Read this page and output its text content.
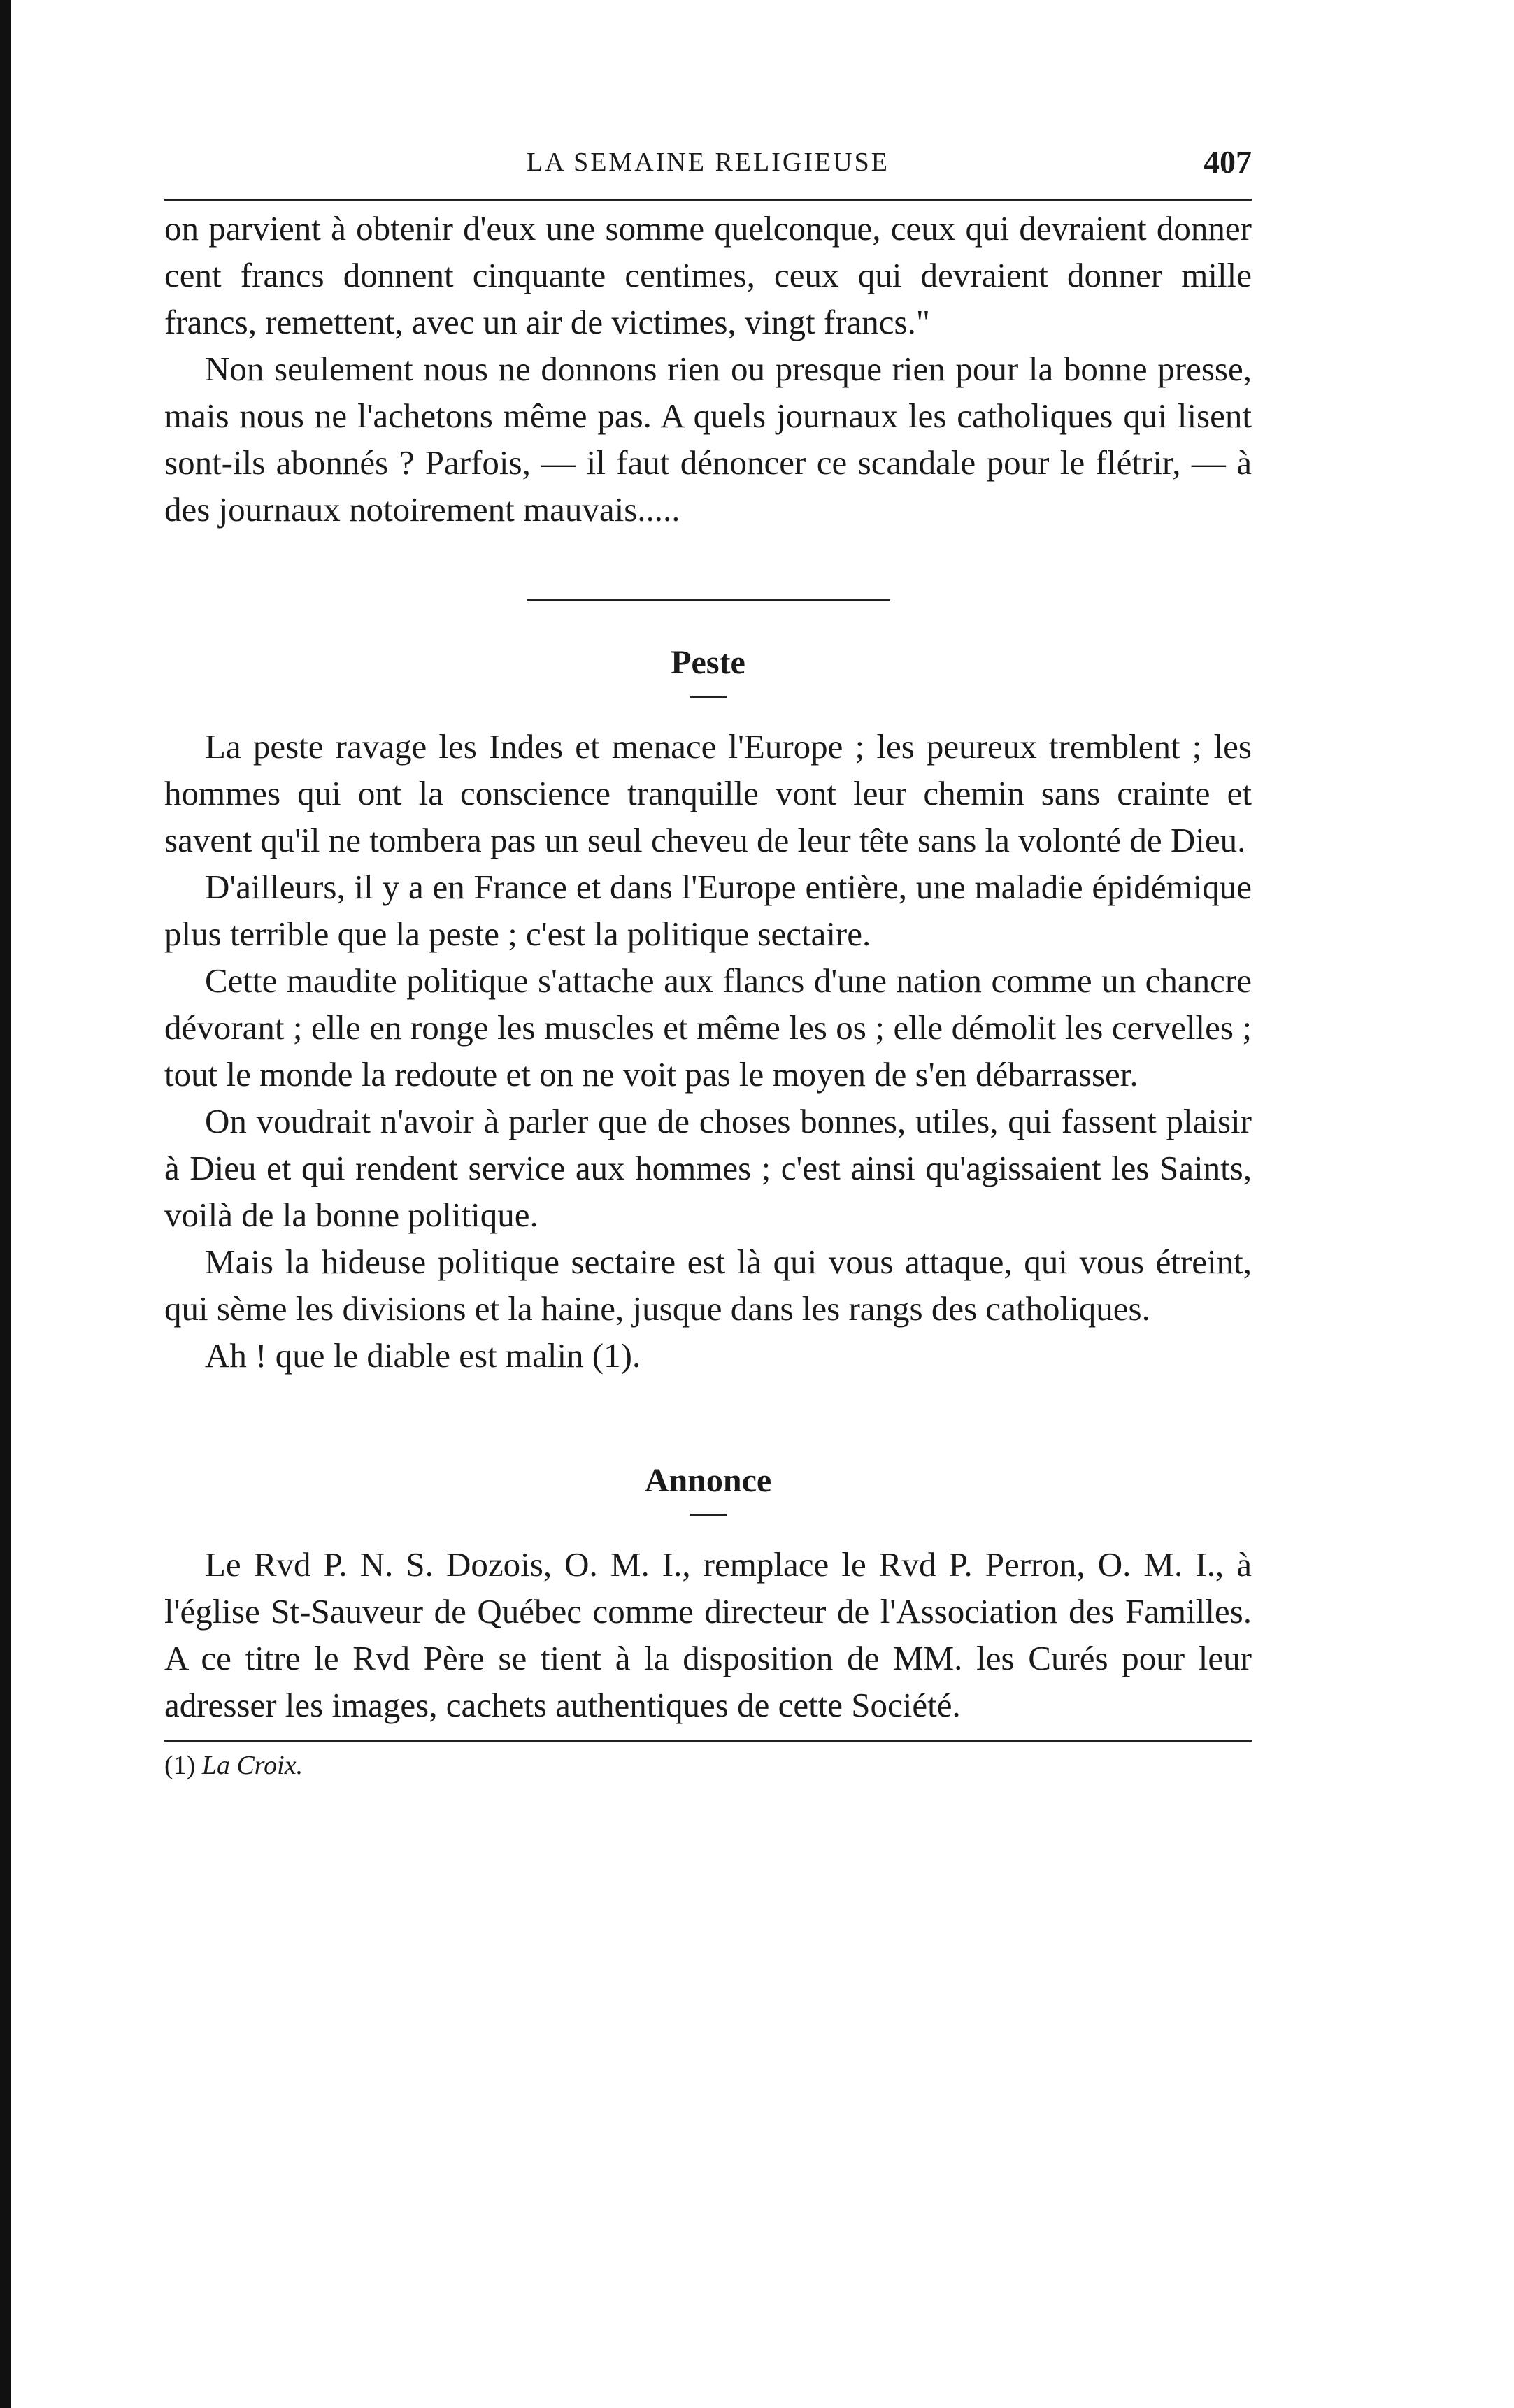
LA SEMAINE RELIGIEUSE	407

on parvient à obtenir d'eux une somme quelconque, ceux qui devraient donner cent francs donnent cinquante centimes, ceux qui devraient donner mille francs, remettent, avec un air de victimes, vingt francs."

Non seulement nous ne donnons rien ou presque rien pour la bonne presse, mais nous ne l'achetons même pas. A quels journaux les catholiques qui lisent sont-ils abonnés ? Parfois, — il faut dénoncer ce scandale pour le flétrir, — à des journaux notoirement mauvais.....

Peste

La peste ravage les Indes et menace l'Europe ; les peureux tremblent ; les hommes qui ont la conscience tranquille vont leur chemin sans crainte et savent qu'il ne tombera pas un seul cheveu de leur tête sans la volonté de Dieu.

D'ailleurs, il y a en France et dans l'Europe entière, une maladie épidémique plus terrible que la peste ; c'est la politique sectaire.

Cette maudite politique s'attache aux flancs d'une nation comme un chancre dévorant ; elle en ronge les muscles et même les os ; elle démolit les cervelles ; tout le monde la redoute et on ne voit pas le moyen de s'en débarrasser.

On voudrait n'avoir à parler que de choses bonnes, utiles, qui fassent plaisir à Dieu et qui rendent service aux hommes ; c'est ainsi qu'agissaient les Saints, voilà de la bonne politique.

Mais la hideuse politique sectaire est là qui vous attaque, qui vous étreint, qui sème les divisions et la haine, jusque dans les rangs des catholiques.

Ah ! que le diable est malin (1).

Annonce

Le Rvd P. N. S. Dozois, O. M. I., remplace le Rvd P. Perron, O. M. I., à l'église St-Sauveur de Québec comme directeur de l'Association des Familles. A ce titre le Rvd Père se tient à la disposition de MM. les Curés pour leur adresser les images, cachets authentiques de cette Société.

(1) La Croix.
